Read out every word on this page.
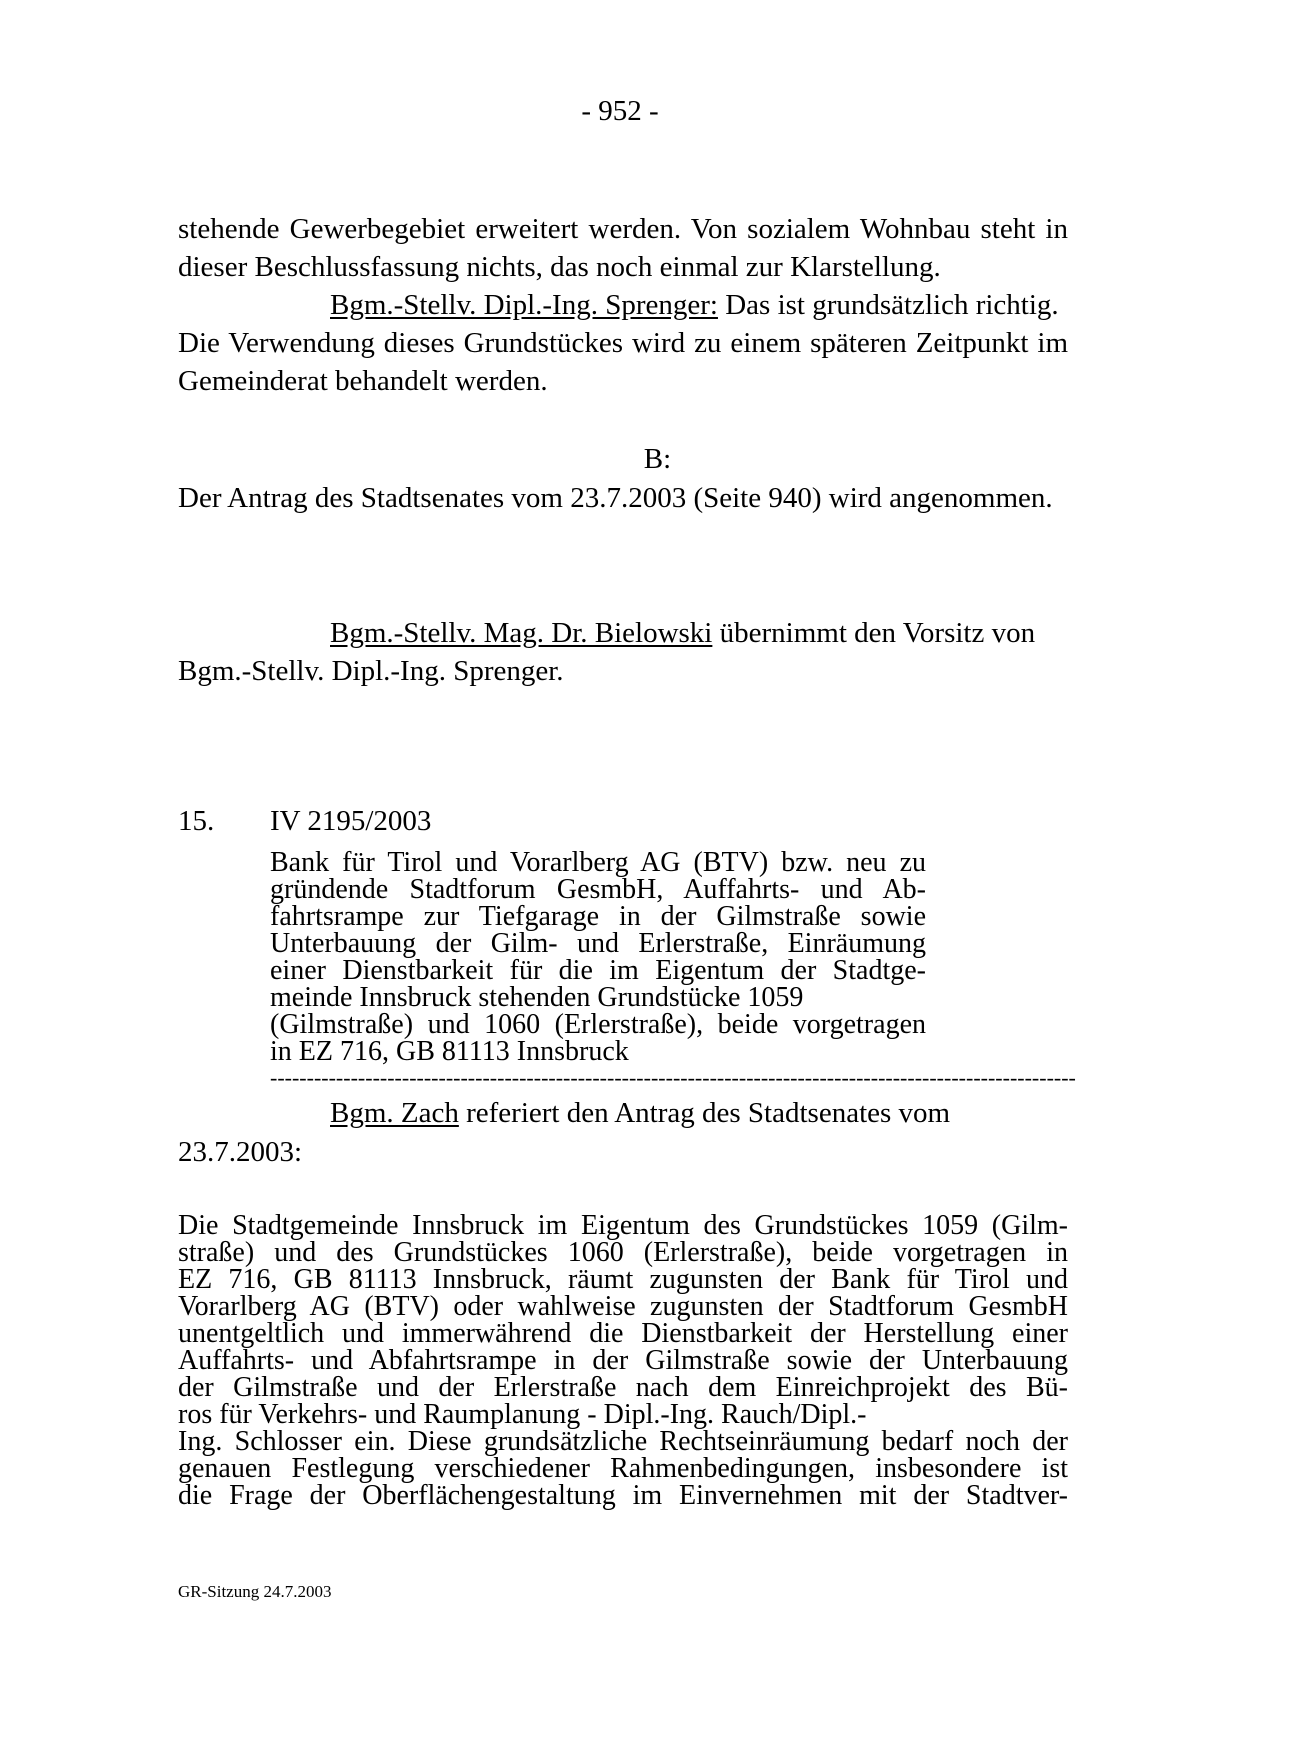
- 952 -

stehende Gewerbegebiet erweitert werden. Von sozialem Wohnbau steht in

dieser Beschlussfassung nichts, das noch einmal zur Klarstellung.

Bgm.-Stellv. Dipl.-Ing. Sprenger: Das ist grundsätzlich richtig.

Die Verwendung dieses Grundstückes wird zu einem späteren Zeitpunkt im

Gemeinderat behandelt werden.

B:

Der Antrag des Stadtsenates vom 23.7.2003 (Seite 940) wird angenommen.

Bgm.-Stellv. Mag. Dr. Bielowski übernimmt den Vorsitz von

Bgm.-Stellv. Dipl.-Ing. Sprenger.

15. IV 2195/2003
Bank für Tirol und Vorarlberg AG (BTV) bzw. neu zu
gründende Stadtforum GesmbH, Auffahrts- und Ab-
fahrtsrampe zur Tiefgarage in der Gilmstraße sowie
Unterbauung der Gilm- und Erlerstraße, Einräumung
einer Dienstbarkeit für die im Eigentum der Stadtge-
meinde Innsbruck stehenden Grundstücke 1059
(Gilmstraße) und 1060 (Erlerstraße), beide vorgetragen
in EZ 716, GB 81113 Innsbruck
--------------------------------------------------------------------------------------------------------------

Bgm. Zach referiert den Antrag des Stadtsenates vom

23.7.2003:

Die Stadtgemeinde Innsbruck im Eigentum des Grundstückes 1059 (Gilm-
straße) und des Grundstückes 1060 (Erlerstraße), beide vorgetragen in
EZ 716, GB 81113 Innsbruck, räumt zugunsten der Bank für Tirol und
Vorarlberg AG (BTV) oder wahlweise zugunsten der Stadtforum GesmbH
unentgeltlich und immerwährend die Dienstbarkeit der Herstellung einer
Auffahrts- und Abfahrtsrampe in der Gilmstraße sowie der Unterbauung
der Gilmstraße und der Erlerstraße nach dem Einreichprojekt des Bü-
ros für Verkehrs- und Raumplanung - Dipl.-Ing. Rauch/Dipl.-
Ing. Schlosser ein. Diese grundsätzliche Rechtseinräumung bedarf noch der
genauen Festlegung verschiedener Rahmenbedingungen, insbesondere ist
die Frage der Oberflächengestaltung im Einvernehmen mit der Stadtver-
GR-Sitzung 24.7.2003
